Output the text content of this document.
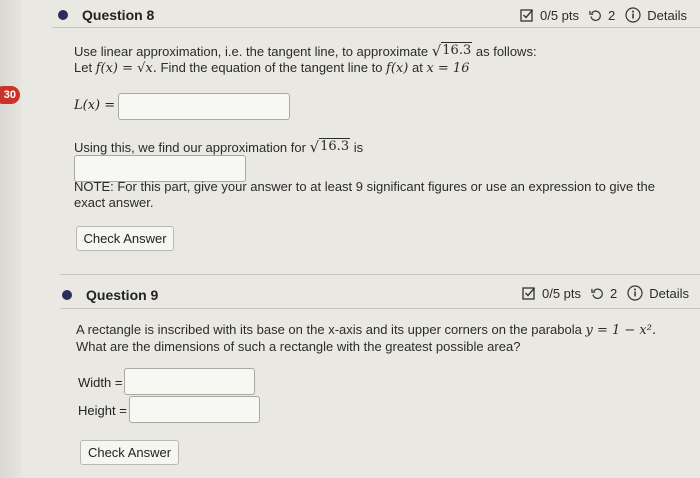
30
Question 8	0/5 pts 2 Details
Use linear approximation, i.e. the tangent line, to approximate √ 16.3 as follows:
Let f(x) = √x. Find the equation of the tangent line to f(x) at x = 16
L(x) =
Using this, we find our approximation for √ 16.3 is
NOTE: For this part, give your answer to at least 9 significant figures or use an expression to give the exact answer.
Check Answer
Question 9	0/5 pts 2 Details
A rectangle is inscribed with its base on the x-axis and its upper corners on the parabola y = 1 − x². What are the dimensions of such a rectangle with the greatest possible area?
Width =
Height =
Check Answer
